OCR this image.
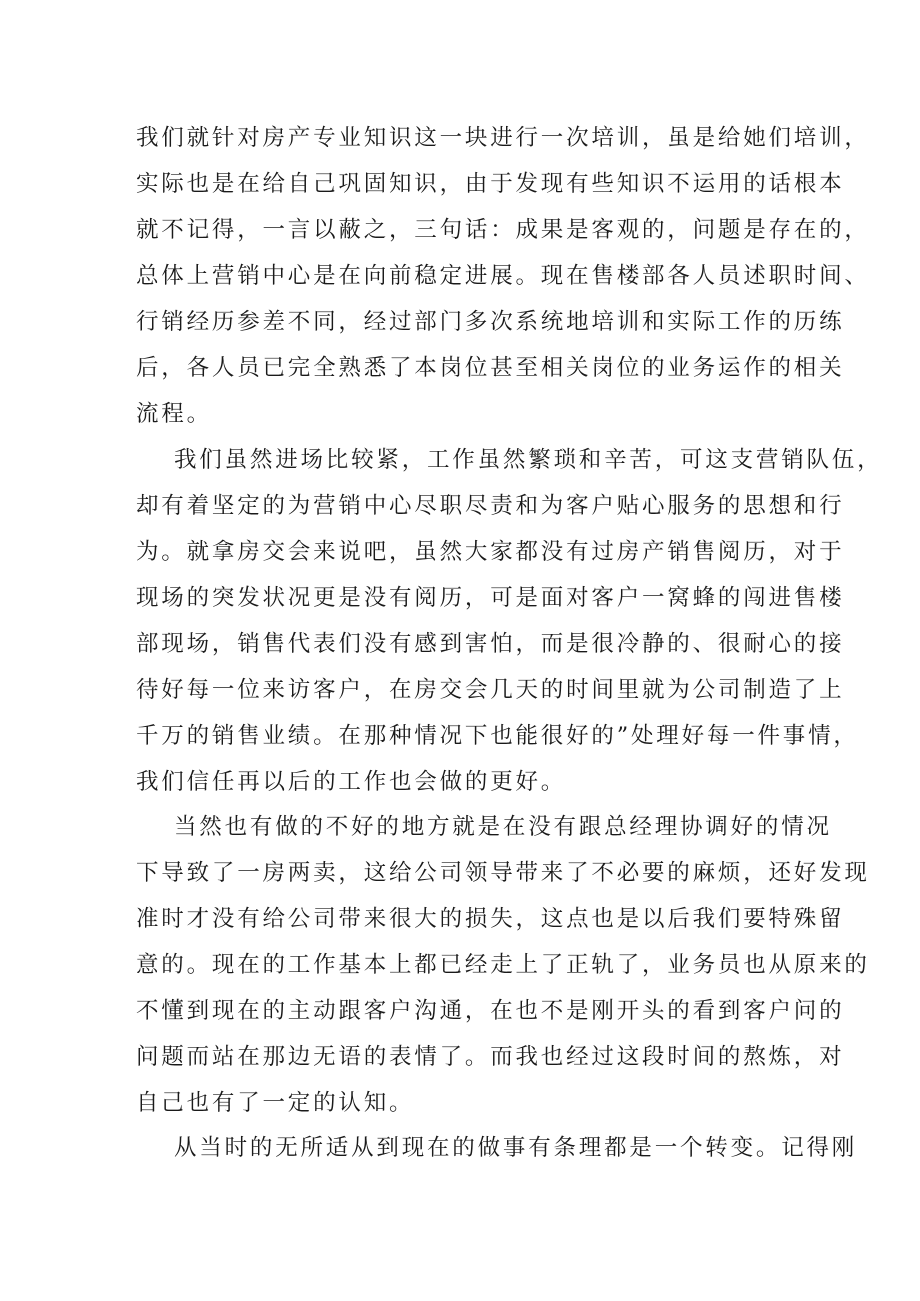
我们就针对房产专业知识这一块进行一次培训，虽是给她们培训，
实际也是在给自己巩固知识，由于发现有些知识不运用的话根本
就不记得，一言以蔽之，三句话：成果是客观的，问题是存在的，
总体上营销中心是在向前稳定进展。现在售楼部各人员述职时间、
行销经历参差不同，经过部门多次系统地培训和实际工作的历练
后，各人员已完全熟悉了本岗位甚至相关岗位的业务运作的相关
流程。
我们虽然进场比较紧，工作虽然繁琐和辛苦，可这支营销队伍，
却有着坚定的为营销中心尽职尽责和为客户贴心服务的思想和行
为。就拿房交会来说吧，虽然大家都没有过房产销售阅历，对于
现场的突发状况更是没有阅历，可是面对客户一窝蜂的闯进售楼
部现场，销售代表们没有感到害怕，而是很冷静的、很耐心的接
待好每一位来访客户，在房交会几天的时间里就为公司制造了上
千万的销售业绩。在那种情况下也能很好的”处理好每一件事情，
我们信任再以后的工作也会做的更好。
当然也有做的不好的地方就是在没有跟总经理协调好的情况
下导致了一房两卖，这给公司领导带来了不必要的麻烦，还好发现
准时才没有给公司带来很大的损失，这点也是以后我们要特殊留
意的。现在的工作基本上都已经走上了正轨了，业务员也从原来的
不懂到现在的主动跟客户沟通，在也不是刚开头的看到客户问的
问题而站在那边无语的表情了。而我也经过这段时间的熬炼，对
自己也有了一定的认知。
从当时的无所适从到现在的做事有条理都是一个转变。记得刚
